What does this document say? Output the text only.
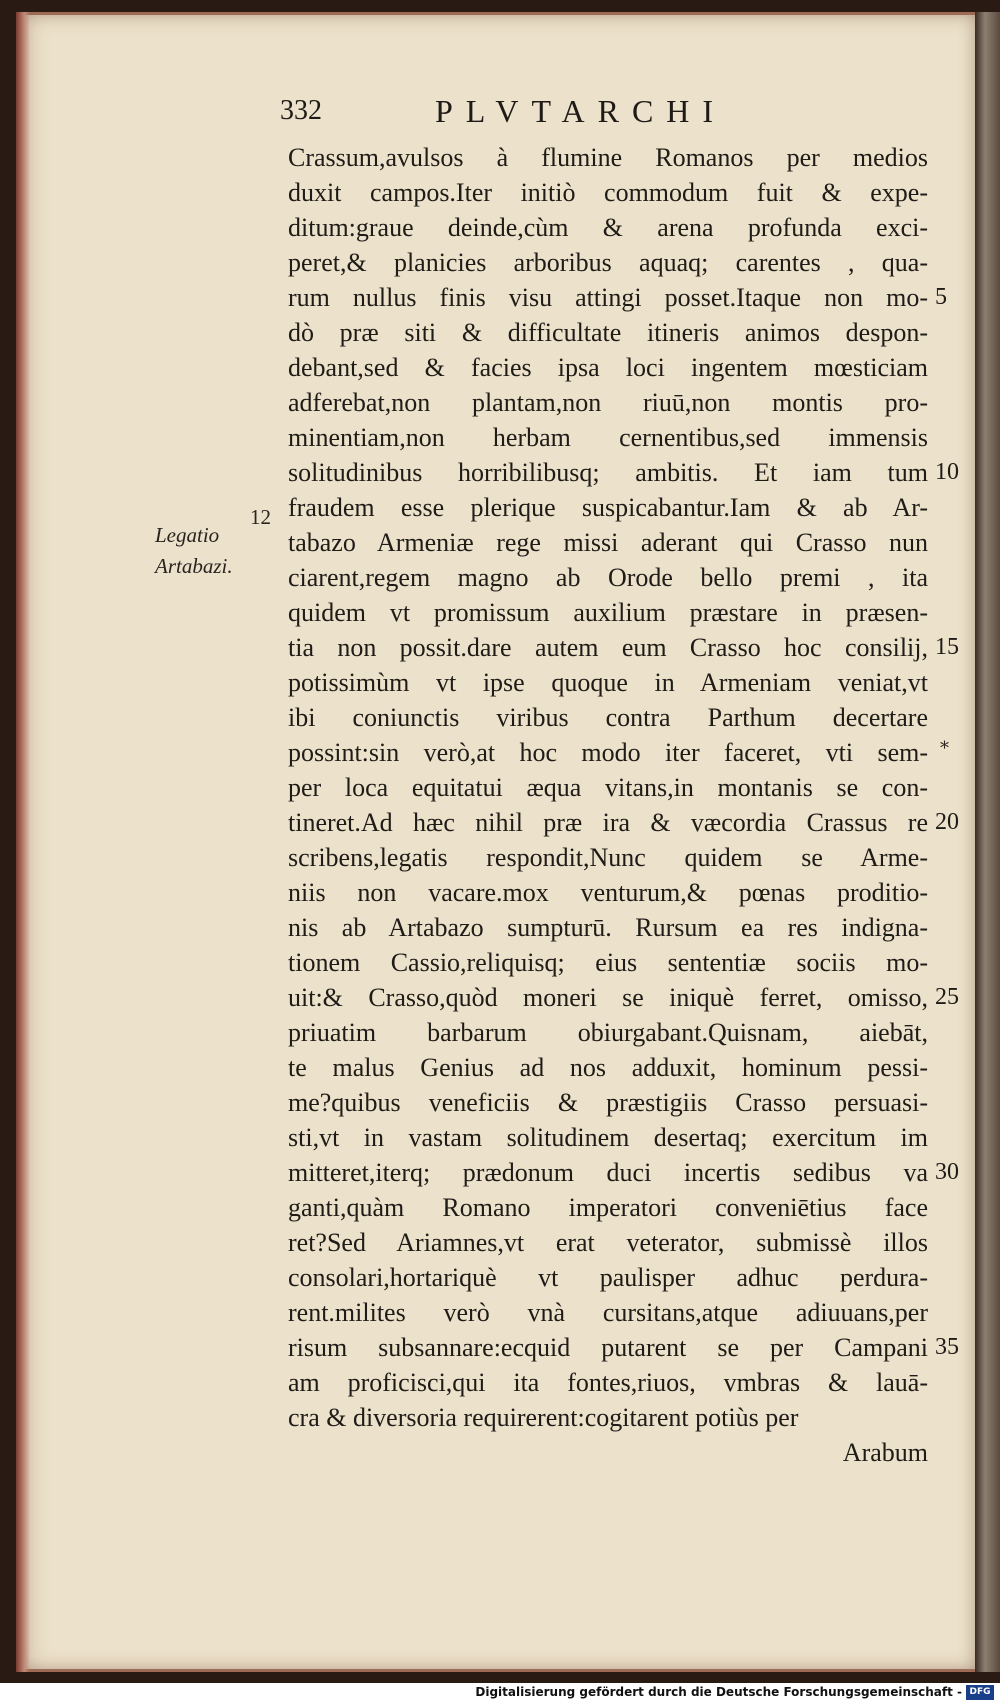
332	PLVTARCHI
12
Legatio
Artabazi.
Crassum,avulsos à flumine Romanos per medios
duxit campos.Iter initiò commodum fuit & expe-
ditum:graue deinde,cùm & arena profunda exci-
peret,& planicies arboribus aquaq; carentes , qua-
rum nullus finis visu attingi posset.Itaque non mo-
dò præ siti & difficultate itineris animos despon-
debant,sed & facies ipsa loci ingentem mœsticiam
adferebat,non plantam,non riuū,non montis pro-
minentiam,non herbam cernentibus,sed immensis
solitudinibus horribilibusq; ambitis. Et iam tum
fraudem esse plerique suspicabantur.Iam & ab Ar-
tabazo Armeniæ rege missi aderant qui Crasso nun
ciarent,regem magno ab Orode bello premi , ita
quidem vt promissum auxilium præstare in præsen-
tia non possit.dare autem eum Crasso hoc consilij,
potissimùm vt ipse quoque in Armeniam veniat,vt
ibi coniunctis viribus contra Parthum decertare
possint:sin verò,at hoc modo iter faceret, vti sem-
per loca equitatui æqua vitans,in montanis se con-
tineret.Ad hæc nihil præ ira & væcordia Crassus re
scribens,legatis respondit,Nunc quidem se Arme-
niis non vacare.mox venturum,& pœnas proditio-
nis ab Artabazo sumpturū. Rursum ea res indigna-
tionem Cassio,reliquisq; eius sententiæ sociis mo-
uit:& Crasso,quòd moneri se iniquè ferret, omisso,
priuatim barbarum obiurgabant.Quisnam, aiebāt,
te malus Genius ad nos adduxit, hominum pessi-
me?quibus veneficiis & præstigiis Crasso persuasi-
sti,vt in vastam solitudinem desertaq; exercitum im
mitteret,iterq; prædonum duci incertis sedibus va
ganti,quàm Romano imperatori conveniētius face
ret?Sed Ariamnes,vt erat veterator, submissè illos
consolari,hortariquè vt paulisper adhuc perdura-
rent.milites verò vnà cursitans,atque adiuuans,per
risum subsannare:ecquid putarent se per Campani
am proficisci,qui ita fontes,riuos, vmbras & lauā-
cra & diversoria requirerent:cogitarent potiùs per
Arabum
*
Digitalisierung gefördert durch die Deutsche Forschungsgemeinschaft - DFG
5
10
15
20
25
30
35
